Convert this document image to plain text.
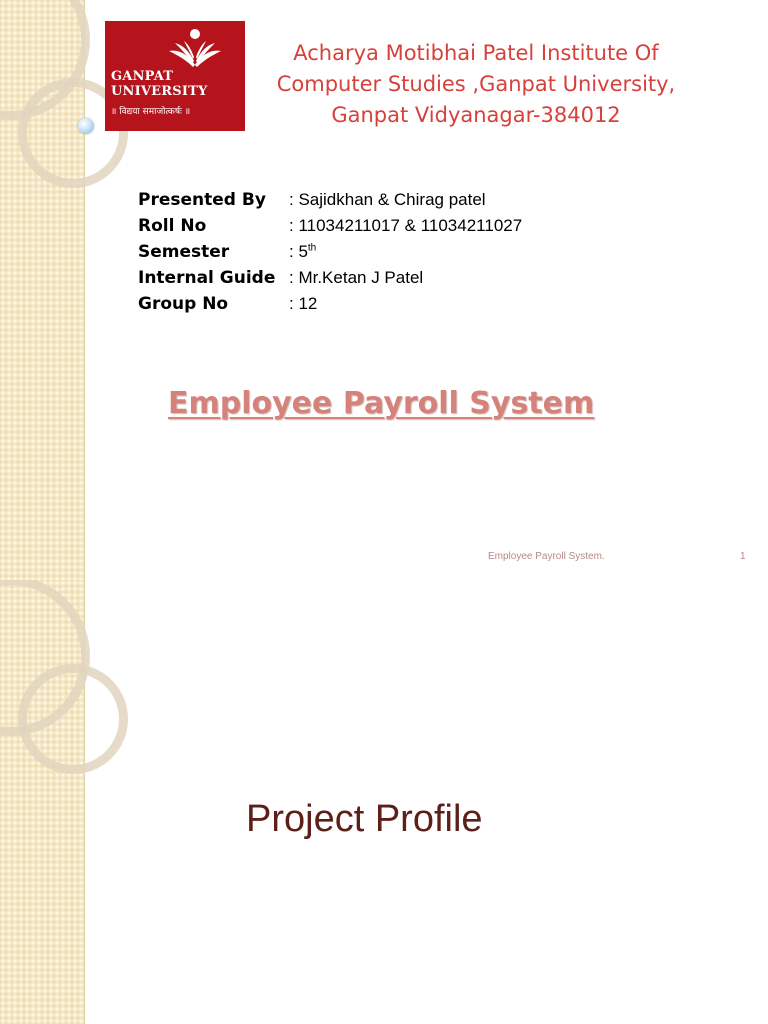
GANPAT
UNIVERSITY
॥ विद्यया समाजोत्कर्षः ॥
Acharya Motibhai Patel Institute Of
Computer Studies ,Ganpat University,
Ganpat Vidyanagar-384012
Presented By : Sajidkhan & Chirag patel
Roll No	: 11034211017 & 11034211027
Semester	: 5th
Internal Guide : Mr.Ketan J Patel
Group No	: 12
Employee Payroll System
Employee Payroll System.	1
Project Profile
